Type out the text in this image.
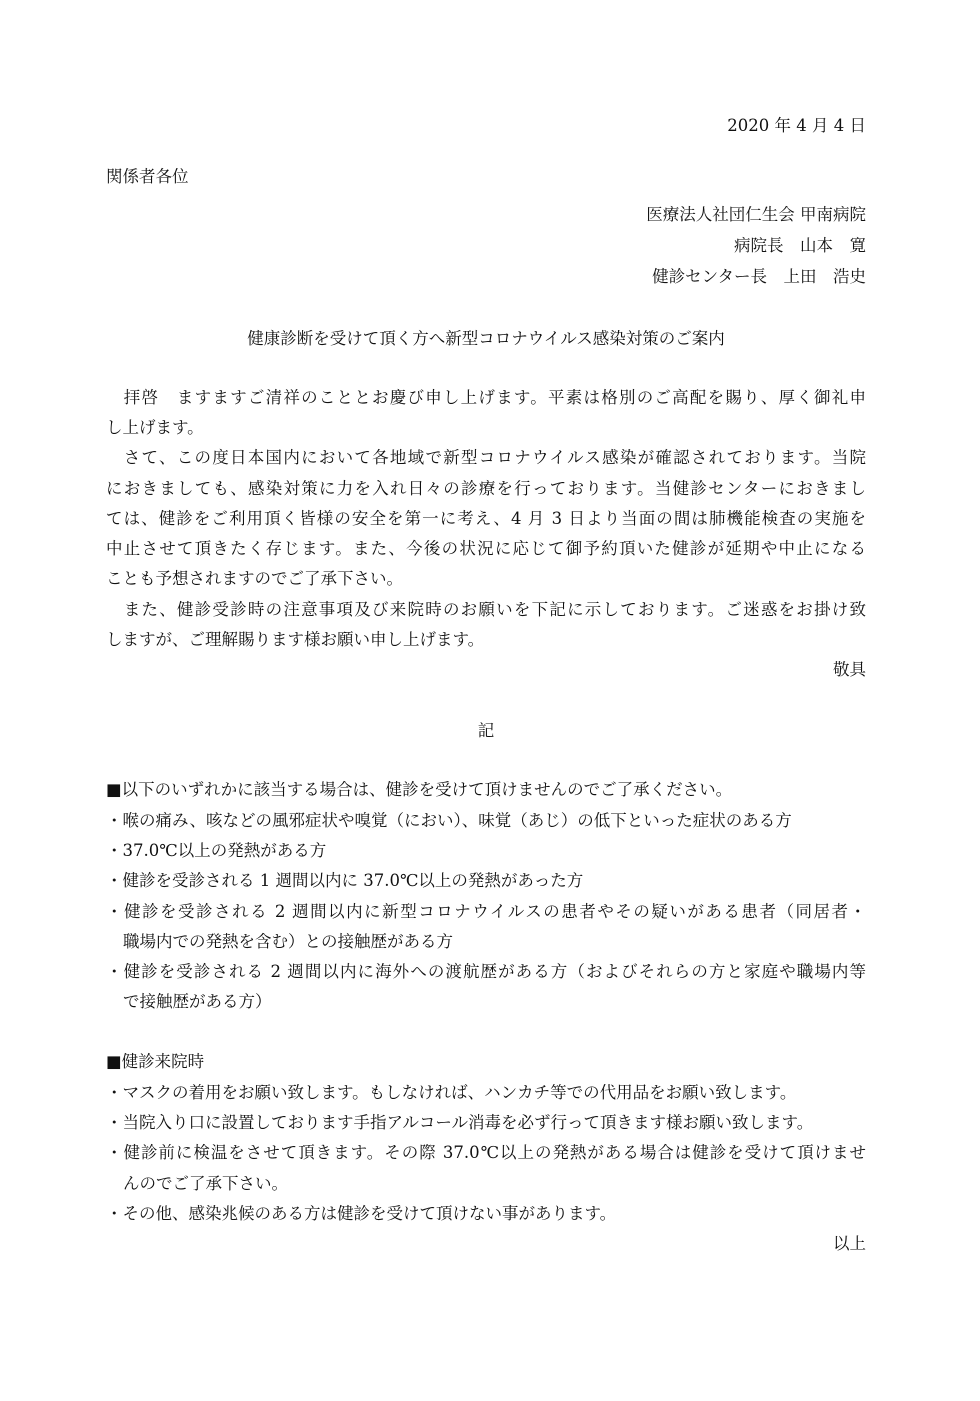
2020 年 4 月 4 日
関係者各位
医療法人社団仁生会 甲南病院
病院長　山本　寛
健診センター長　上田　浩史
健康診断を受けて頂く方へ新型コロナウイルス感染対策のご案内
　拝啓　ますますご清祥のこととお慶び申し上げます。平素は格別のご高配を賜り、厚く御礼申
し上げます。
　さて、この度日本国内において各地域で新型コロナウイルス感染が確認されております。当院
におきましても、感染対策に力を入れ日々の診療を行っております。当健診センターにおきまし
ては、健診をご利用頂く皆様の安全を第一に考え、4 月 3 日より当面の間は肺機能検査の実施を
中止させて頂きたく存じます。また、今後の状況に応じて御予約頂いた健診が延期や中止になる
ことも予想されますのでご了承下さい。
　また、健診受診時の注意事項及び来院時のお願いを下記に示しております。ご迷惑をお掛け致
しますが、ご理解賜ります様お願い申し上げます。
敬具
記
■以下のいずれかに該当する場合は、健診を受けて頂けませんのでご了承ください。
・喉の痛み、咳などの風邪症状や嗅覚（におい）、味覚（あじ）の低下といった症状のある方
・37.0℃以上の発熱がある方
・健診を受診される 1 週間以内に 37.0℃以上の発熱があった方
・健診を受診される 2 週間以内に新型コロナウイルスの患者やその疑いがある患者（同居者・
職場内での発熱を含む）との接触歴がある方
・健診を受診される 2 週間以内に海外への渡航歴がある方（およびそれらの方と家庭や職場内等
で接触歴がある方）
■健診来院時
・マスクの着用をお願い致します。もしなければ、ハンカチ等での代用品をお願い致します。
・当院入り口に設置しております手指アルコール消毒を必ず行って頂きます様お願い致します。
・健診前に検温をさせて頂きます。その際 37.0℃以上の発熱がある場合は健診を受けて頂けませ
んのでご了承下さい。
・その他、感染兆候のある方は健診を受けて頂けない事があります。
以上
